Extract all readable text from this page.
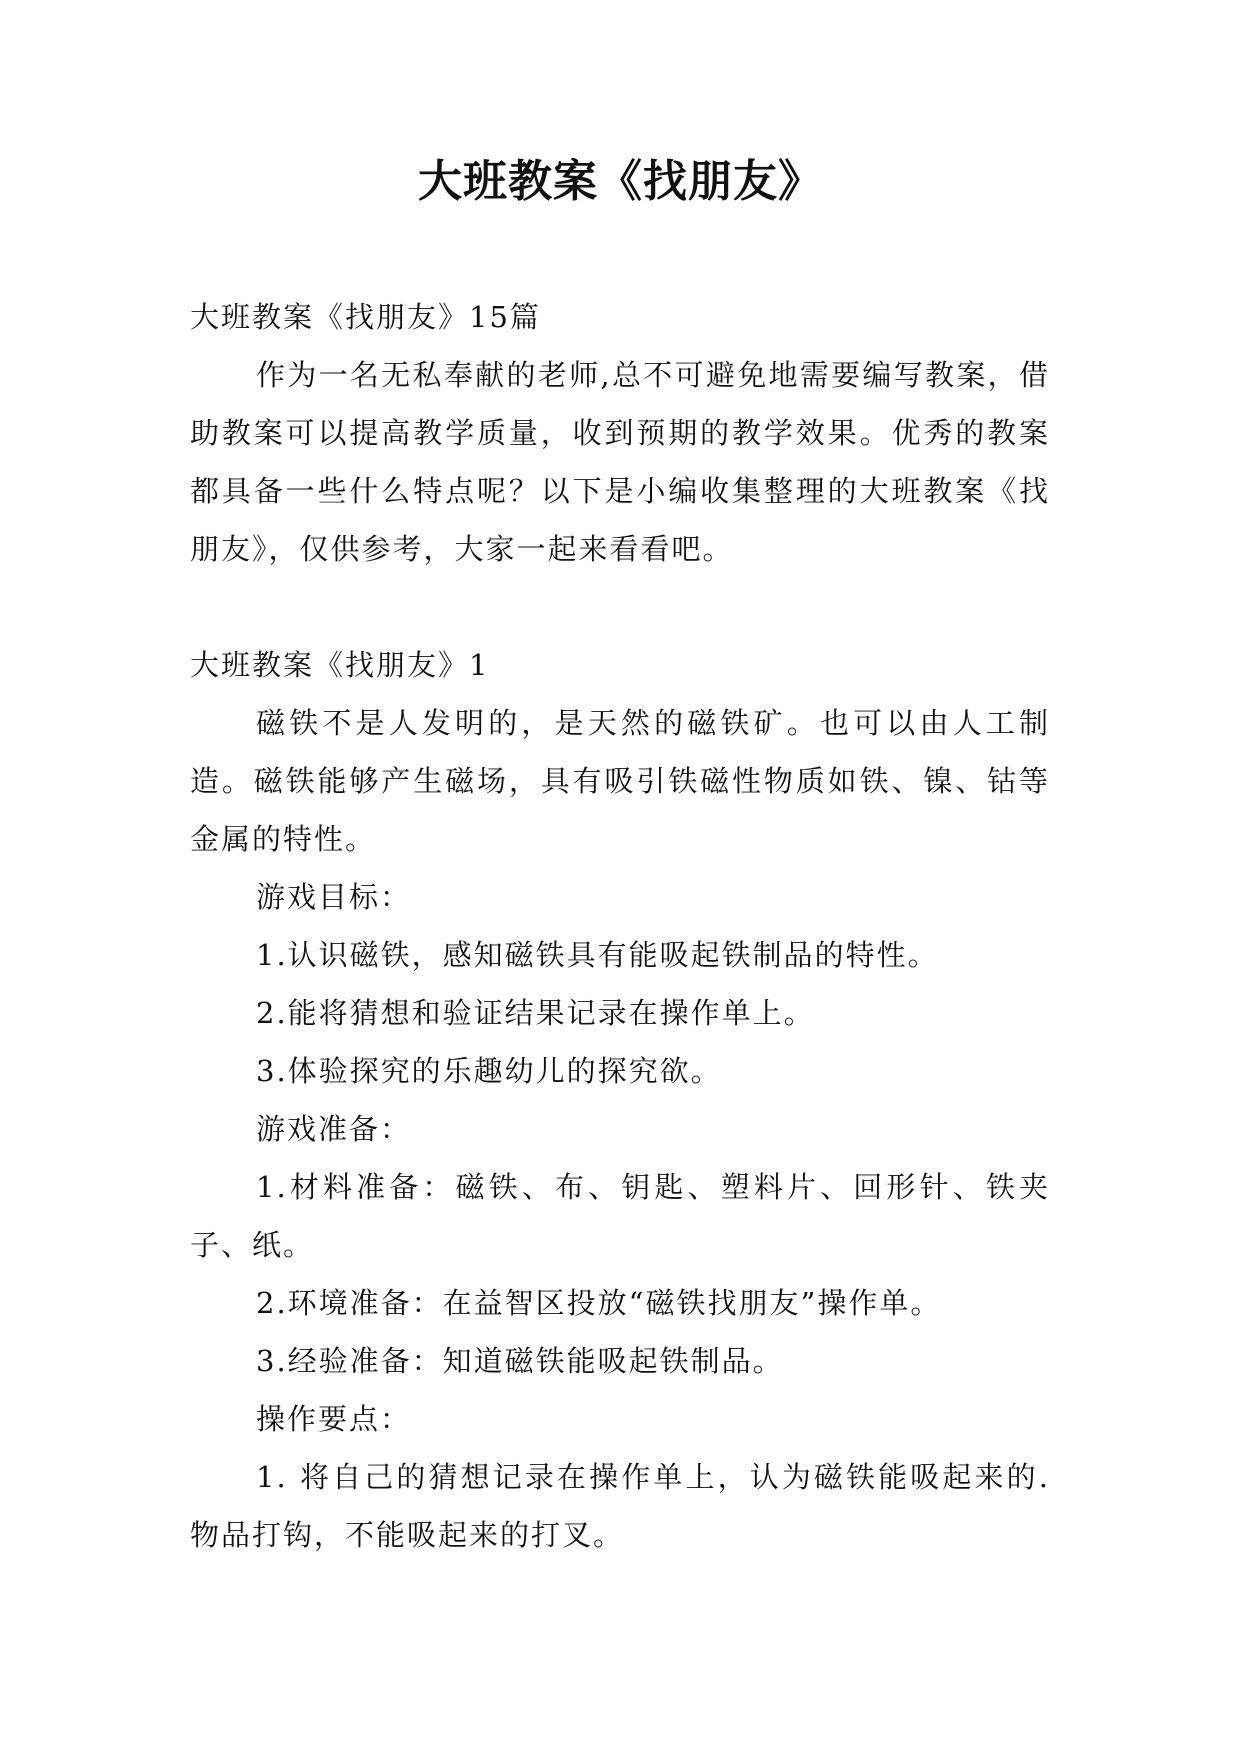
大班教案《找朋友》

大班教案《找朋友》15篇

作为一名无私奉献的老师,总不可避免地需要编写教案，借助教案可以提高教学质量，收到预期的教学效果。优秀的教案都具备一些什么特点呢？以下是小编收集整理的大班教案《找朋友》，仅供参考，大家一起来看看吧。

大班教案《找朋友》1

磁铁不是人发明的，是天然的磁铁矿。也可以由人工制造。磁铁能够产生磁场，具有吸引铁磁性物质如铁、镍、钴等金属的特性。

游戏目标：

1.认识磁铁，感知磁铁具有能吸起铁制品的特性。

2.能将猜想和验证结果记录在操作单上。

3.体验探究的乐趣幼儿的探究欲。

游戏准备：

1.材料准备：磁铁、布、钥匙、塑料片、回形针、铁夹子、纸。

2.环境准备：在益智区投放“磁铁找朋友”操作单。

3.经验准备：知道磁铁能吸起铁制品。

操作要点：

1. 将自己的猜想记录在操作单上，认为磁铁能吸起来的.物品打钩，不能吸起来的打叉。
